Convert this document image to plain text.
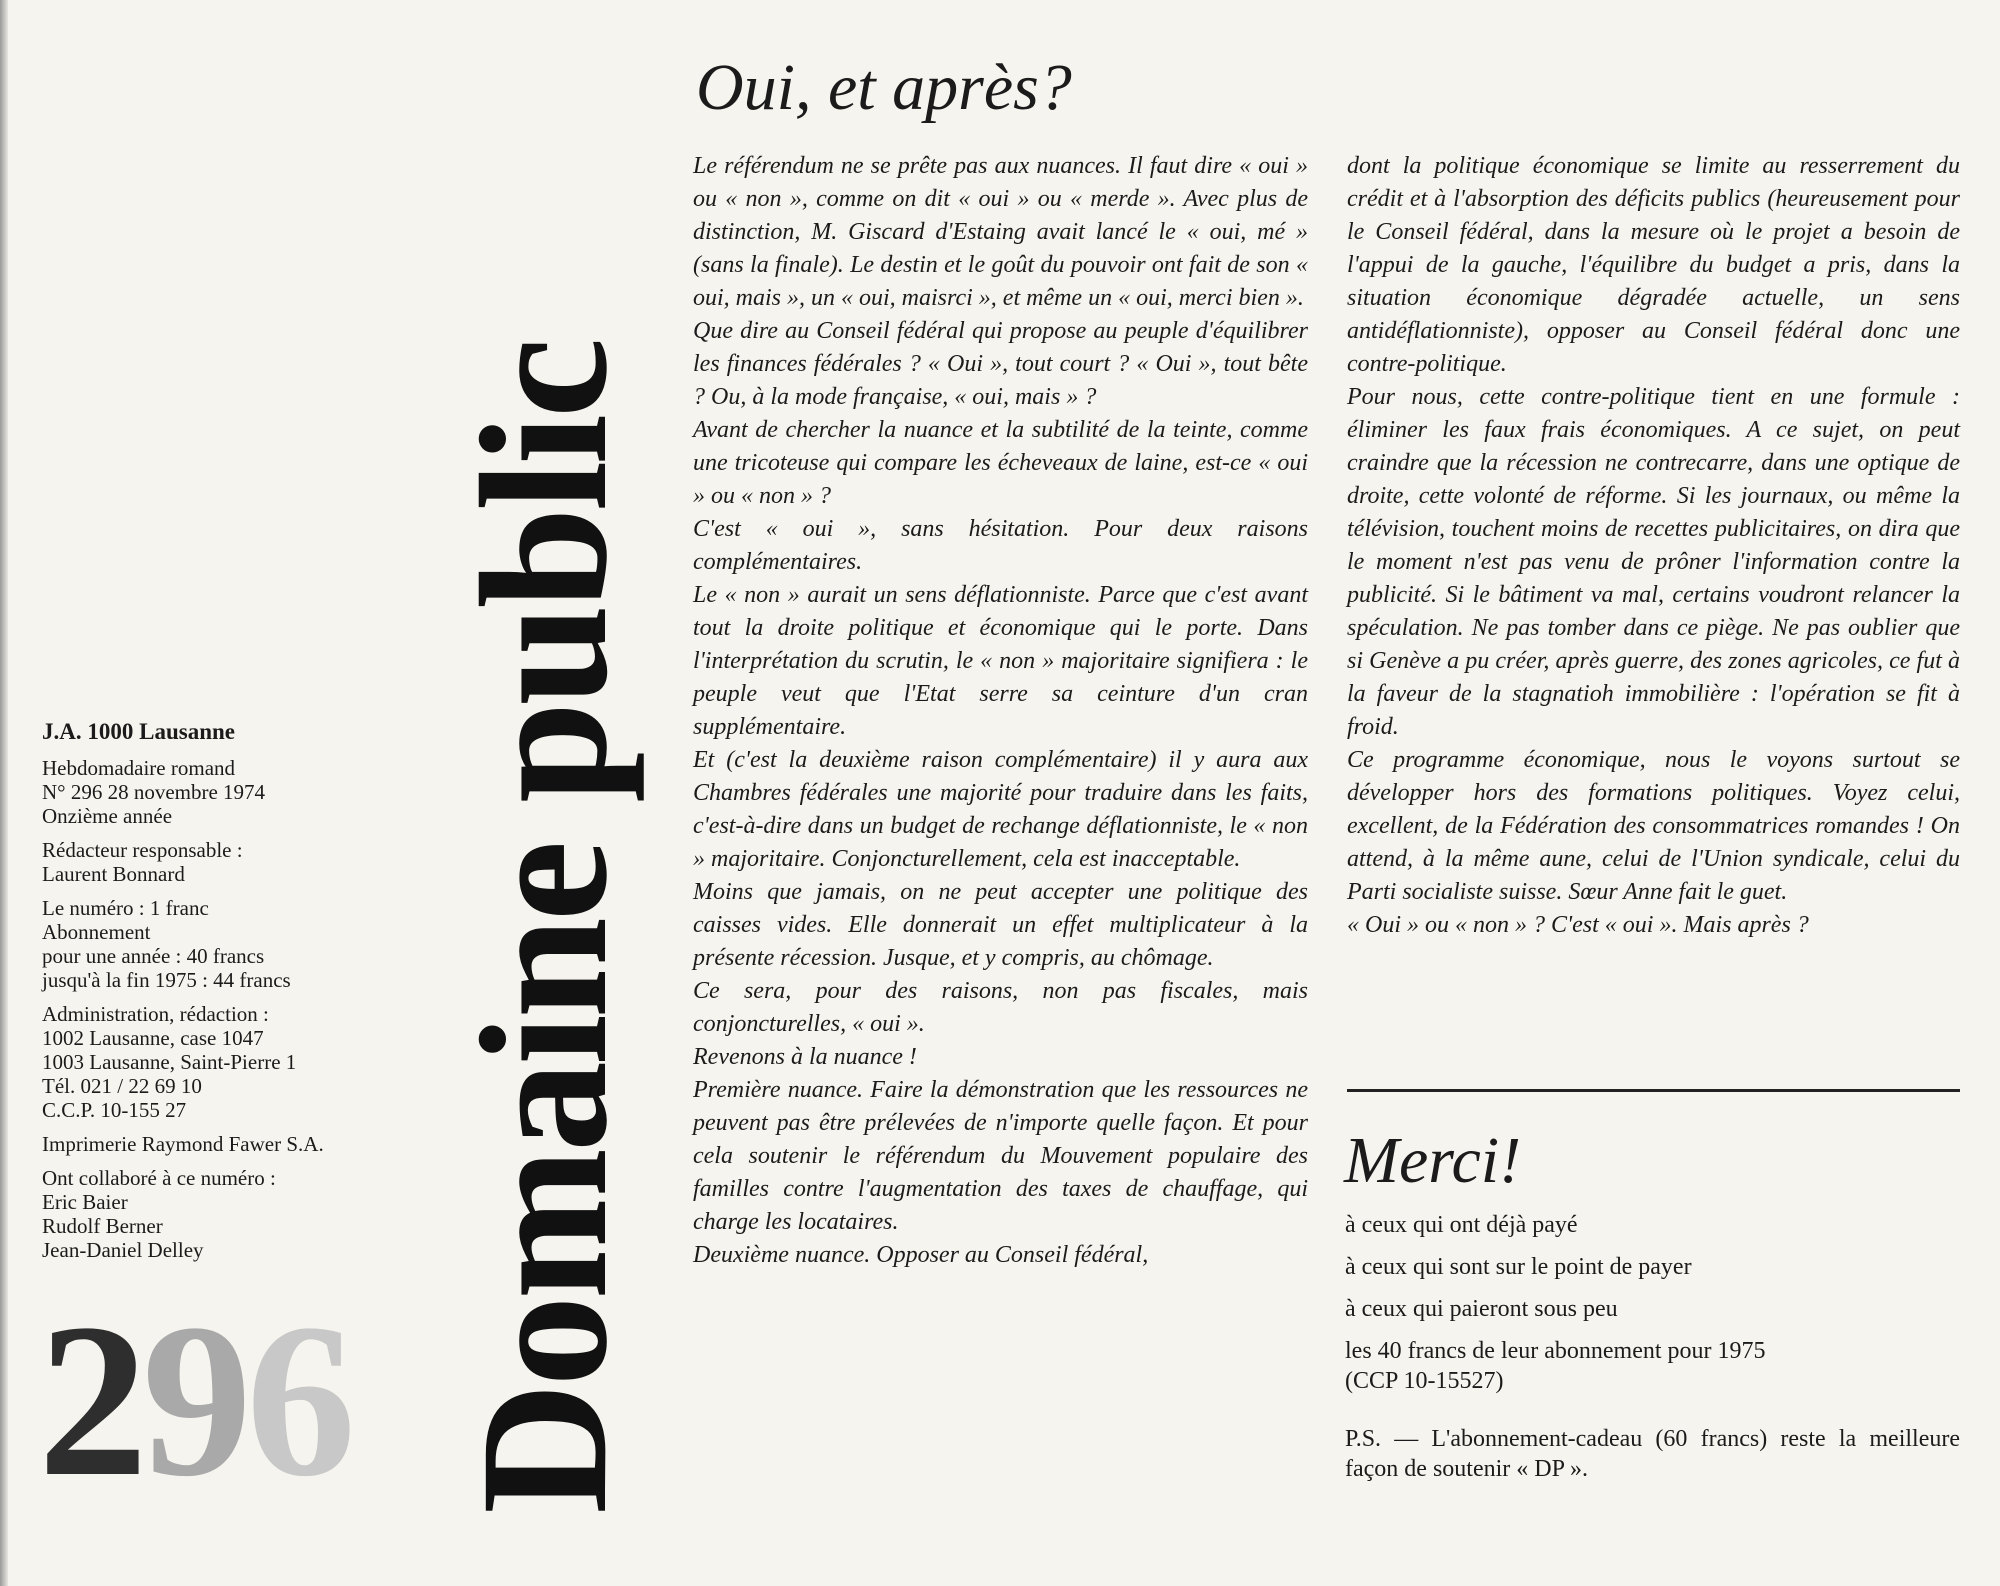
J.A. 1000 Lausanne

Hebdomadaire romand
N° 296 28 novembre 1974
Onzième année

Rédacteur responsable :
Laurent Bonnard

Le numéro : 1 franc
Abonnement
pour une année : 40 francs
jusqu'à la fin 1975 : 44 francs

Administration, rédaction :
1002 Lausanne, case 1047
1003 Lausanne, Saint-Pierre 1
Tél. 021 / 22 69 10
C.C.P. 10-155 27

Imprimerie Raymond Fawer S.A.

Ont collaboré à ce numéro :
Eric Baier
Rudolf Berner
Jean-Daniel Delley

296 Domaine public
Oui, et après?

Le référendum ne se prête pas aux nuances. Il faut dire « oui » ou « non », comme on dit « oui » ou « merde ». Avec plus de distinction, M. Giscard d'Estaing avait lancé le « oui, mé » (sans la finale). Le destin et le goût du pouvoir ont fait de son « oui, mais », un « oui, maisrci », et même un « oui, merci bien ».

Que dire au Conseil fédéral qui propose au peuple d'équilibrer les finances fédérales ? « Oui », tout court ? « Oui », tout bête ? Ou, à la mode française, « oui, mais » ?

Avant de chercher la nuance et la subtilité de la teinte, comme une tricoteuse qui compare les écheveaux de laine, est-ce « oui » ou « non » ?

C'est « oui », sans hésitation. Pour deux raisons complémentaires.

Le « non » aurait un sens déflationniste. Parce que c'est avant tout la droite politique et économique qui le porte. Dans l'interprétation du scrutin, le « non » majoritaire signifiera : le peuple veut que l'Etat serre sa ceinture d'un cran supplémentaire.

Et (c'est la deuxième raison complémentaire) il y aura aux Chambres fédérales une majorité pour traduire dans les faits, c'est-à-dire dans un budget de rechange déflationniste, le « non » majoritaire. Conjoncturellement, cela est inacceptable.

Moins que jamais, on ne peut accepter une politique des caisses vides. Elle donnerait un effet multiplicateur à la présente récession. Jusque, et y compris, au chômage.

Ce sera, pour des raisons, non pas fiscales, mais conjoncturelles, « oui ».

Revenons à la nuance !

Première nuance. Faire la démonstration que les ressources ne peuvent pas être prélevées de n'importe quelle façon. Et pour cela soutenir le référendum du Mouvement populaire des familles contre l'augmentation des taxes de chauffage, qui charge les locataires.

Deuxième nuance. Opposer au Conseil fédéral,

dont la politique économique se limite au resserrement du crédit et à l'absorption des déficits publics (heureusement pour le Conseil fédéral, dans la mesure où le projet a besoin de l'appui de la gauche, l'équilibre du budget a pris, dans la situation économique dégradée actuelle, un sens antidéflationniste), opposer au Conseil fédéral donc une contre-politique.

Pour nous, cette contre-politique tient en une formule : éliminer les faux frais économiques. A ce sujet, on peut craindre que la récession ne contrecarre, dans une optique de droite, cette volonté de réforme. Si les journaux, ou même la télévision, touchent moins de recettes publicitaires, on dira que le moment n'est pas venu de prôner l'information contre la publicité. Si le bâtiment va mal, certains voudront relancer la spéculation. Ne pas tomber dans ce piège. Ne pas oublier que si Genève a pu créer, après guerre, des zones agricoles, ce fut à la faveur de la stagnatioh immobilière : l'opération se fit à froid.

Ce programme économique, nous le voyons surtout se développer hors des formations politiques. Voyez celui, excellent, de la Fédération des consommatrices romandes ! On attend, à la même aune, celui de l'Union syndicale, celui du Parti socialiste suisse. Sœur Anne fait le guet.

« Oui » ou « non » ? C'est « oui ». Mais après ?

Merci!

à ceux qui ont déjà payé

à ceux qui sont sur le point de payer

à ceux qui paieront sous peu

les 40 francs de leur abonnement pour 1975
(CCP 10-15527)

P.S. — L'abonnement-cadeau (60 francs) reste la meilleure façon de soutenir « DP ».
